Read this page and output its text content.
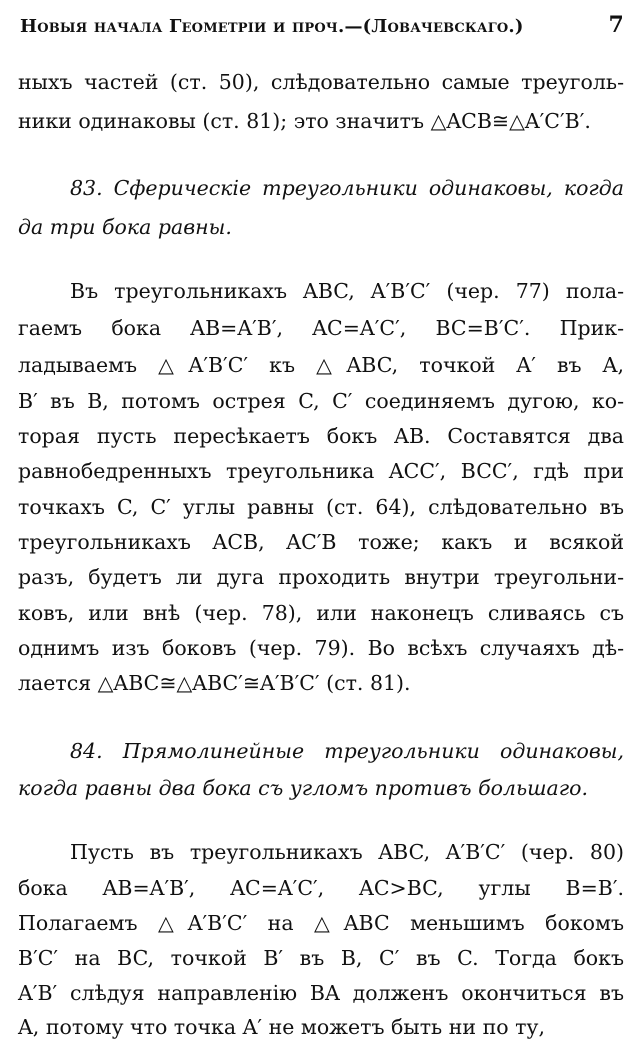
Новыя начала Геометріи и проч.—(Ловачевскаго.)	7
ныхъ частей (ст. 50), слѣдовательно самые треуголь-
ники одинаковы (ст. 81); это значитъ △ACB≅△A′C′B′.
83. Сферическіе треугольники одинаковы, когда
да три бока равны.
Въ треугольникахъ ABC, A′B′C′ (чер. 77) пола-
гаемъ бока AB=A′B′, AC=A′C′, BC=B′C′. Прик-
ладываемъ △A′B′C′ къ △ABC, точкой A′ въ A,
B′ въ B, потомъ острея C, C′ соединяемъ дугою, ко-
торая пусть пересѣкаетъ бокъ AB. Составятся два
равнобедренныхъ треугольника ACC′, BCC′, гдѣ при
точкахъ C, C′ углы равны (ст. 64), слѣдовательно въ
треугольникахъ ACB, AC′B тоже; какъ и всякой
разъ, будетъ ли дуга проходить внутри треугольни-
ковъ, или внѣ (чер. 78), или наконецъ сливаясь съ
однимъ изъ боковъ (чер. 79). Во всѣхъ случаяхъ дѣ-
лается △ABC≅△ABC′≅A′B′C′ (ст. 81).
84. Прямолинейные треугольники одинаковы,
когда равны два бока съ угломъ противъ большаго.
Пусть въ треугольникахъ ABC, A′B′C′ (чер. 80)
бока AB=A′B′, AC=A′C′, AC>BC, углы B=B′.
Полагаемъ △A′B′C′ на △ABC меньшимъ бокомъ
B′C′ на BC, точкой B′ въ B, C′ въ C. Тогда бокъ
A′B′ слѣдуя направленію BA долженъ окончиться въ
A, потому что точка A′ не можетъ быть ни по ту,
